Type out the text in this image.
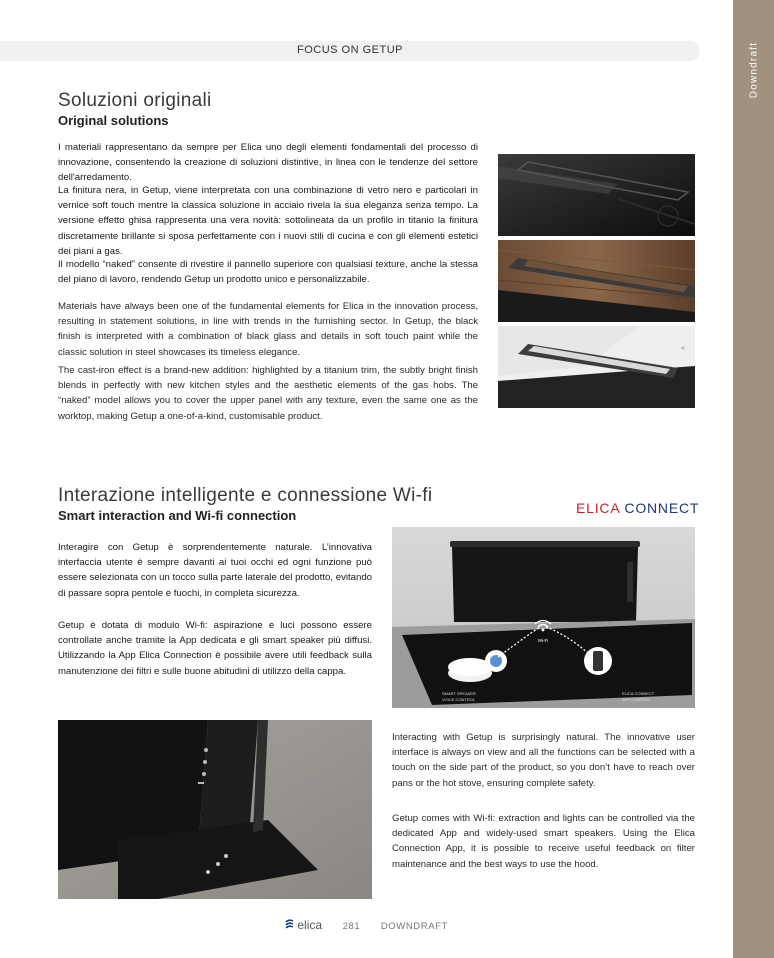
Downdraft
FOCUS ON GETUP
Soluzioni originali
Original solutions

I materiali rappresentano da sempre per Elica uno degli elementi fondamentali del processo di innovazione, consentendo la creazione di soluzioni distintive, in linea con le tendenze del settore dell'arredamento.

La finitura nera, in Getup, viene interpretata con una combinazione di vetro nero e particolari in vernice soft touch mentre la classica soluzione in acciaio rivela la sua eleganza senza tempo. La versione effetto ghisa rappresenta una vera novità: sottolineata da un profilo in titanio la finitura discretamente brillante si sposa perfettamente con i nuovi stili di cucina e con gli elementi estetici dei piani a gas.

Il modello “naked” consente di rivestire il pannello superiore con qualsiasi texture, anche la stessa del piano di lavoro, rendendo Getup un prodotto unico e personalizzabile.

Materials have always been one of the fundamental elements for Elica in the innovation process, resulting in statement solutions, in line with trends in the furnishing sector. In Getup, the black finish is interpreted with a combination of black glass and details in soft touch paint while the classic solution in steel showcases its timeless elegance.

The cast-iron effect is a brand-new addition: highlighted by a titanium trim, the subtly bright finish blends in perfectly with new kitchen styles and the aesthetic elements of the gas hobs. The “naked” model allows you to cover the upper panel with any texture, even the same one as the worktop, making Getup a one-of-a-kind, customisable product.

Interazione intelligente e connessione Wi-fi
Smart interaction and Wi-fi connection	ELICA CONNECT

Interagire con Getup è sorprendentemente naturale. L’innovativa interfaccia utente è sempre davanti ai tuoi occhi ed ogni funzione può essere selezionata con un tocco sulla parte laterale del prodotto, evitando di passare sopra pentole e fuochi, in completa sicurezza.

Getup è dotata di modulo Wi-fi: aspirazione e luci possono essere controllate anche tramite la App dedicata e gli smart speaker più diffusi. Utilizzando la App Elica Connection è possibile avere utili feedback sulla manutenzione dei filtri e sulle buone abitudini di utilizzo della cappa.

Wi-Fi
SMART SPEAKER
VOICE CONTROL
ELICA CONNECT
APP CONTROL

Interacting with Getup is surprisingly natural. The innovative user interface is always on view and all the functions can be selected with a touch on the side part of the product, so you don’t have to reach over pans or the hot stove, ensuring complete safety.

Getup comes with Wi-fi: extraction and lights can be controlled via the dedicated App and widely-used smart speakers. Using the Elica Connection App, it is possible to receive useful feedback on filter maintenance and the best ways to use the hood.

elica 281 DOWNDRAFT
